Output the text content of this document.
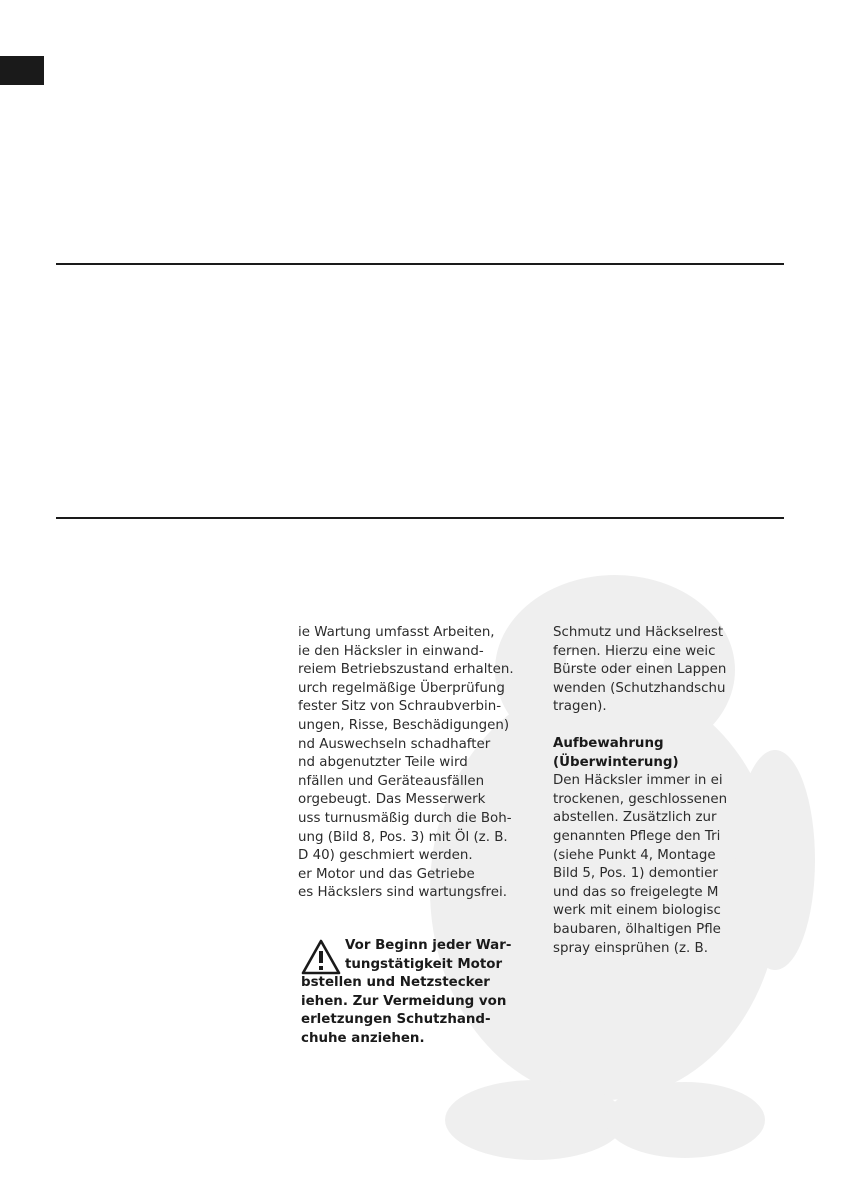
ie Wartung umfasst Arbeiten,
ie den Häcksler in einwand-
reiem Betriebszustand erhalten.
urch regelmäßige Überprüfung
fester Sitz von Schraubverbin-
ungen, Risse, Beschädigungen)
nd Auswechseln schadhafter
nd abgenutzter Teile wird
nfällen und Geräteausfällen
orgebeugt. Das Messerwerk
uss turnusmäßig durch die Boh-
ung (Bild 8, Pos. 3) mit Öl (z. B.
D 40) geschmiert werden.
er Motor und das Getriebe
es Häckslers sind wartungsfrei.
Vor Beginn jeder War-
tungstätigkeit Motor
bstellen und Netzstecker
iehen. Zur Vermeidung von
erletzungen Schutzhand-
chuhe anziehen.
Schmutz und Häckselrest
fernen. Hierzu eine weic
Bürste oder einen Lappen
wenden (Schutzhandschu
tragen).
Aufbewahrung
(Überwinterung)
Den Häcksler immer in ei
trockenen, geschlossenen
abstellen. Zusätzlich zur
genannten Pflege den Tri
(siehe Punkt 4, Montage
Bild 5, Pos. 1) demontier
und das so freigelegte M
werk mit einem biologisc
baubaren, ölhaltigen Pfle
spray einsprühen (z. B.
